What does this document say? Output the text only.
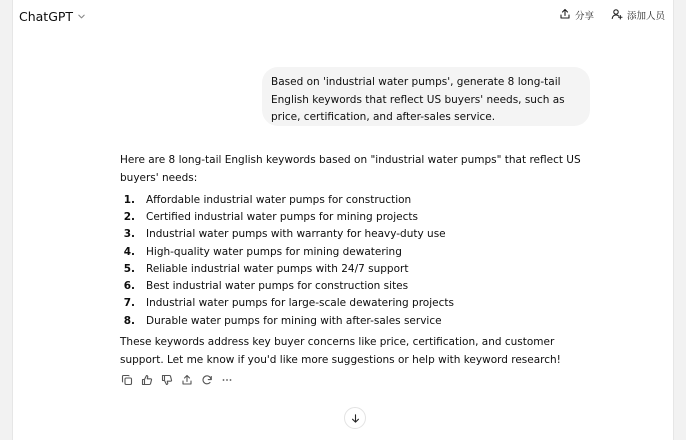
ChatGPT	分享	添加人员
Based on 'industrial water pumps', generate 8 long-tail English keywords that reflect US buyers' needs, such as price, certification, and after-sales service.

Here are 8 long-tail English keywords based on "industrial water pumps" that reflect US buyers' needs:

1.	Affordable industrial water pumps for construction
2.	Certified industrial water pumps for mining projects
3.	Industrial water pumps with warranty for heavy-duty use
4.	High-quality water pumps for mining dewatering
5.	Reliable industrial water pumps with 24/7 support
6.	Best industrial water pumps for construction sites
7.	Industrial water pumps for large-scale dewatering projects
8.	Durable water pumps for mining with after-sales service

These keywords address key buyer concerns like price, certification, and customer support. Let me know if you'd like more suggestions or help with keyword research!
